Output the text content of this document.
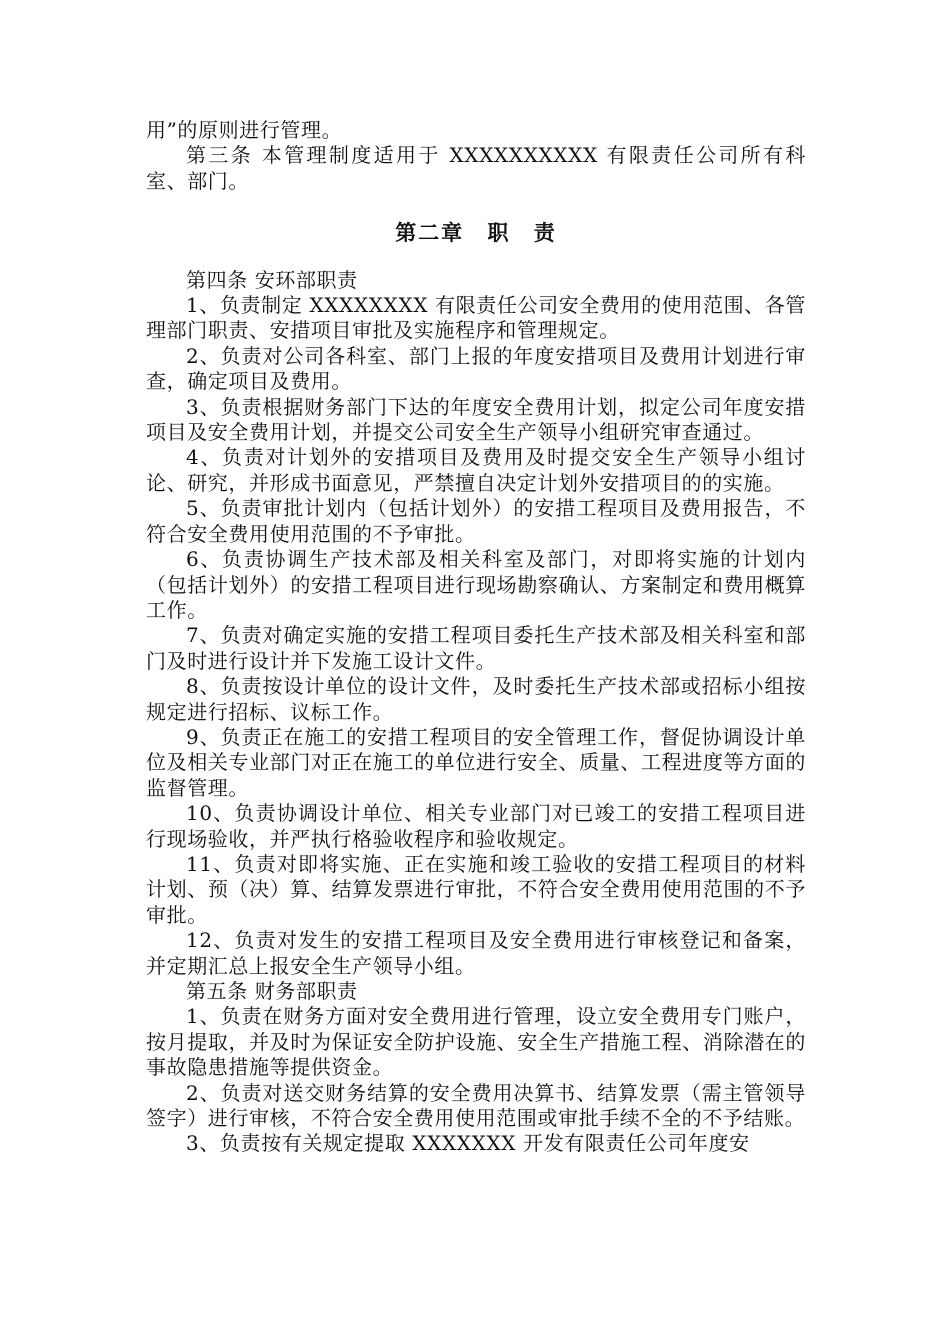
用”的原则进行管理。

第三条 本管理制度适用于 XXXXXXXXXX 有限责任公司所有科室、部门。

第二章 职 责

第四条 安环部职责

1、负责制定 XXXXXXXX 有限责任公司安全费用的使用范围、各管理部门职责、安措项目审批及实施程序和管理规定。

2、负责对公司各科室、部门上报的年度安措项目及费用计划进行审查，确定项目及费用。

3、负责根据财务部门下达的年度安全费用计划，拟定公司年度安措项目及安全费用计划，并提交公司安全生产领导小组研究审查通过。

4、负责对计划外的安措项目及费用及时提交安全生产领导小组讨论、研究，并形成书面意见，严禁擅自决定计划外安措项目的的实施。

5、负责审批计划内（包括计划外）的安措工程项目及费用报告，不符合安全费用使用范围的不予审批。

6、负责协调生产技术部及相关科室及部门，对即将实施的计划内（包括计划外）的安措工程项目进行现场勘察确认、方案制定和费用概算工作。

7、负责对确定实施的安措工程项目委托生产技术部及相关科室和部门及时进行设计并下发施工设计文件。

8、负责按设计单位的设计文件，及时委托生产技术部或招标小组按规定进行招标、议标工作。

9、负责正在施工的安措工程项目的安全管理工作，督促协调设计单位及相关专业部门对正在施工的单位进行安全、质量、工程进度等方面的监督管理。

10、负责协调设计单位、相关专业部门对已竣工的安措工程项目进行现场验收，并严执行格验收程序和验收规定。

11、负责对即将实施、正在实施和竣工验收的安措工程项目的材料计划、预（决）算、结算发票进行审批，不符合安全费用使用范围的不予审批。

12、负责对发生的安措工程项目及安全费用进行审核登记和备案，并定期汇总上报安全生产领导小组。

第五条 财务部职责

1、负责在财务方面对安全费用进行管理，设立安全费用专门账户，按月提取，并及时为保证安全防护设施、安全生产措施工程、消除潜在的事故隐患措施等提供资金。

2、负责对送交财务结算的安全费用决算书、结算发票（需主管领导签字）进行审核，不符合安全费用使用范围或审批手续不全的不予结账。

3、负责按有关规定提取 XXXXXXX 开发有限责任公司年度安
